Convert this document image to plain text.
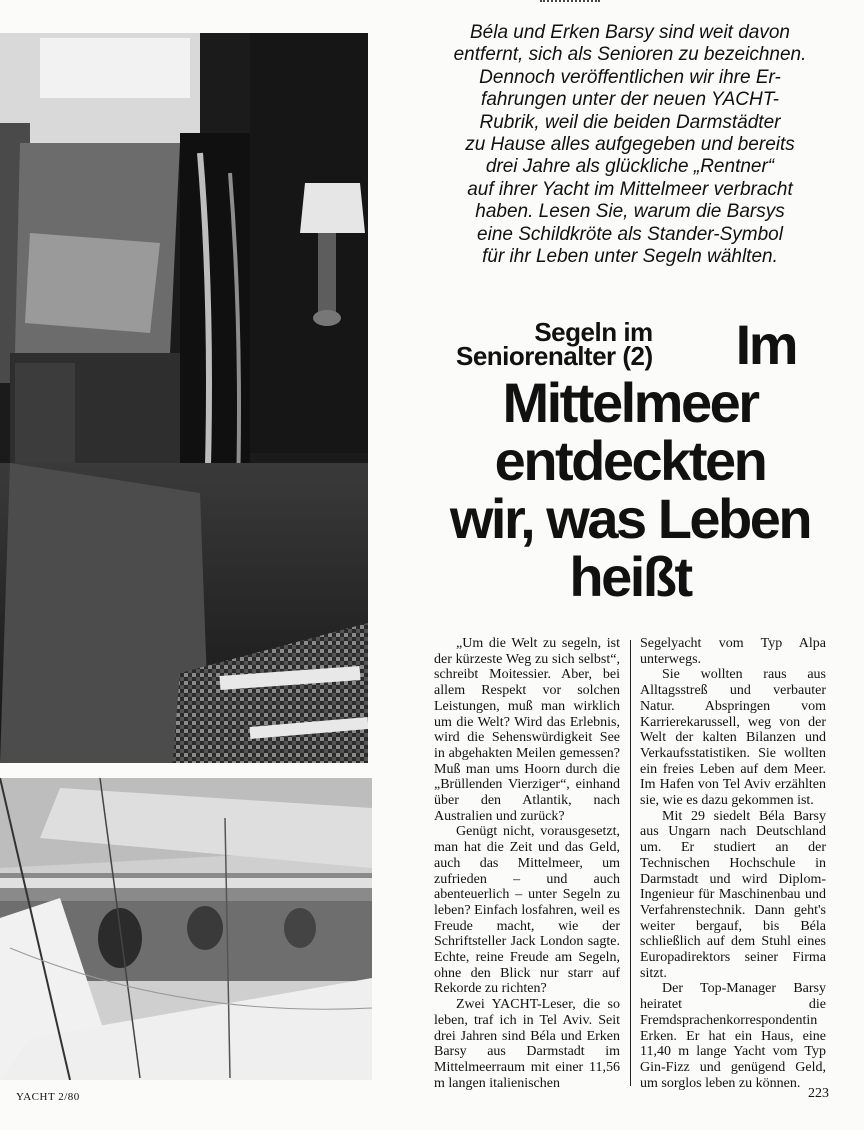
Béla und Erken Barsy sind weit davon
entfernt, sich als Senioren zu bezeichnen.
Dennoch veröffentlichen wir ihre Er-
fahrungen unter der neuen YACHT-
Rubrik, weil die beiden Darmstädter
zu Hause alles aufgegeben und bereits
drei Jahre als glückliche „Rentner“
auf ihrer Yacht im Mittelmeer verbracht
haben. Lesen Sie, warum die Barsys
eine Schildkröte als Stander-Symbol
für ihr Leben unter Segeln wählten.
Segeln im
Seniorenalter (2)	Im
Mittelmeer
entdeckten
wir, was Leben
heißt

„Um die Welt zu segeln, ist der kürzeste Weg zu sich selbst“, schreibt Moitessier. Aber, bei allem Respekt vor solchen Leistungen, muß man wirklich um die Welt? Wird das Erlebnis, wird die Sehenswürdigkeit See in abgehakten Meilen gemessen? Muß man ums Hoorn durch die „Brüllenden Vierziger“, einhand über den Atlantik, nach Australien und zurück?

Genügt nicht, vorausgesetzt, man hat die Zeit und das Geld, auch das Mittelmeer, um zufrieden – und auch abenteuerlich – unter Segeln zu leben? Einfach losfahren, weil es Freude macht, wie der Schriftsteller Jack London sagte. Echte, reine Freude am Segeln, ohne den Blick nur starr auf Rekorde zu richten?

Zwei YACHT-Leser, die so leben, traf ich in Tel Aviv. Seit drei Jahren sind Béla und Erken Barsy aus Darmstadt im Mittelmeerraum mit einer 11,56 m langen italienischen

Segelyacht vom Typ Alpa unterwegs.

Sie wollten raus aus Alltagsstreß und verbauter Natur. Abspringen vom Karrierekarussell, weg von der Welt der kalten Bilanzen und Verkaufsstatistiken. Sie wollten ein freies Leben auf dem Meer. Im Hafen von Tel Aviv erzählten sie, wie es dazu gekommen ist.

Mit 29 siedelt Béla Barsy aus Ungarn nach Deutschland um. Er studiert an der Technischen Hochschule in Darmstadt und wird Diplom-Ingenieur für Maschinenbau und Verfahrenstechnik. Dann geht's weiter bergauf, bis Béla schließlich auf dem Stuhl eines Europadirektors seiner Firma sitzt.

Der Top-Manager Barsy heiratet die Fremdsprachenkorrespondentin Erken. Er hat ein Haus, eine 11,40 m lange Yacht vom Typ Gin-Fizz und genügend Geld, um sorglos leben zu können.

YACHT 2/80	223
